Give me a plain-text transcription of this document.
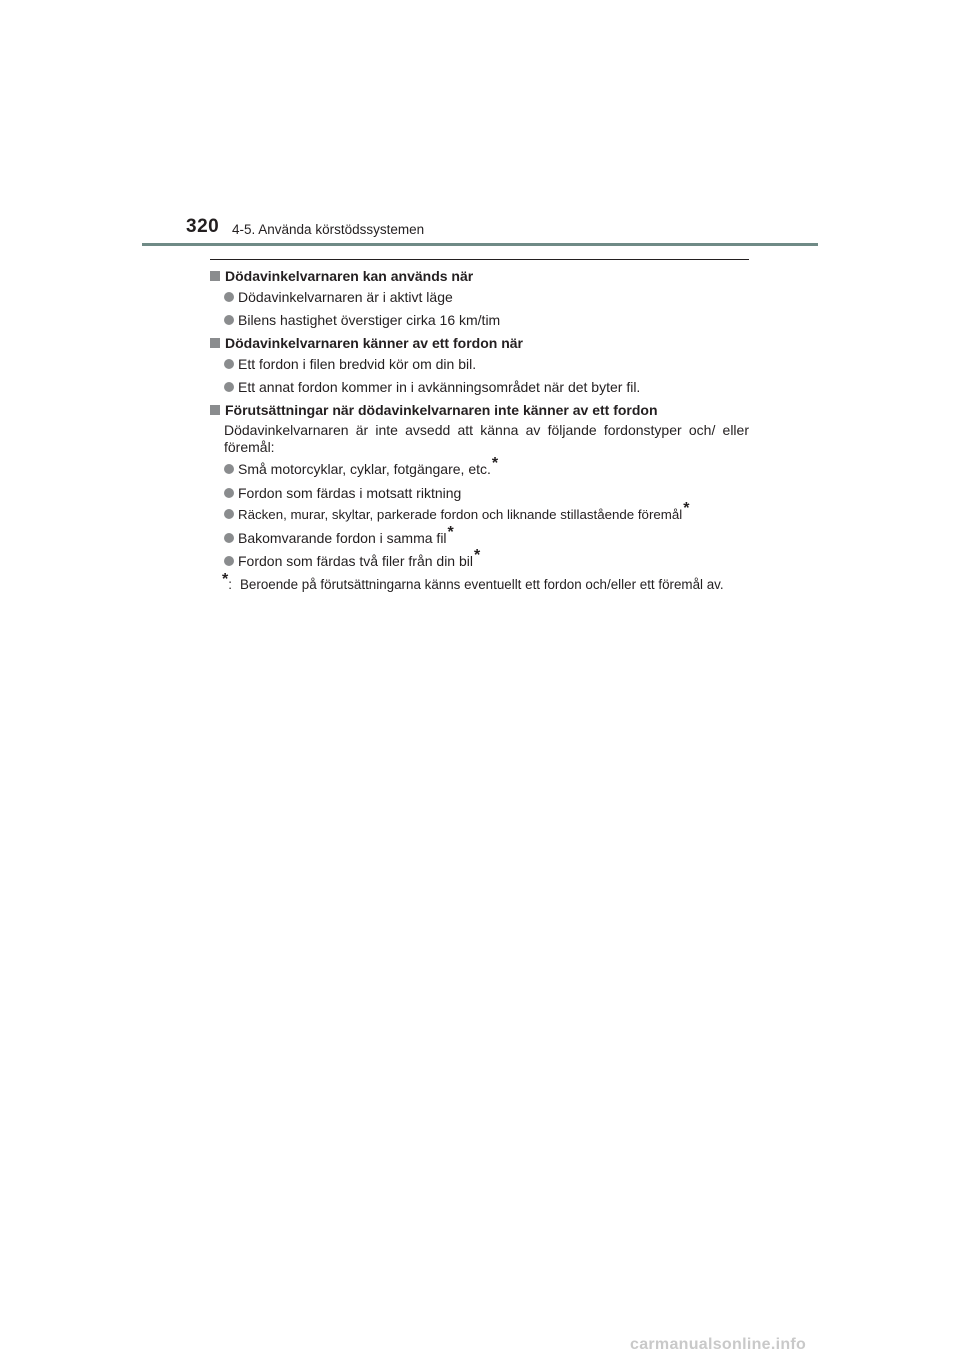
320 4-5. Använda körstödssystemen
Dödavinkelvarnaren kan används när
Dödavinkelvarnaren är i aktivt läge
Bilens hastighet överstiger cirka 16 km/tim
Dödavinkelvarnaren känner av ett fordon när
Ett fordon i filen bredvid kör om din bil.
Ett annat fordon kommer in i avkänningsområdet när det byter fil.
Förutsättningar när dödavinkelvarnaren inte känner av ett fordon
Dödavinkelvarnaren är inte avsedd att känna av följande fordonstyper och/ eller föremål:
Små motorcyklar, cyklar, fotgängare, etc.*
Fordon som färdas i motsatt riktning
Räcken, murar, skyltar, parkerade fordon och liknande stillastående föremål*
Bakomvarande fordon i samma fil*
Fordon som färdas två filer från din bil*
*: Beroende på förutsättningarna känns eventuellt ett fordon och/eller ett föremål av.
carmanualsonline.info
